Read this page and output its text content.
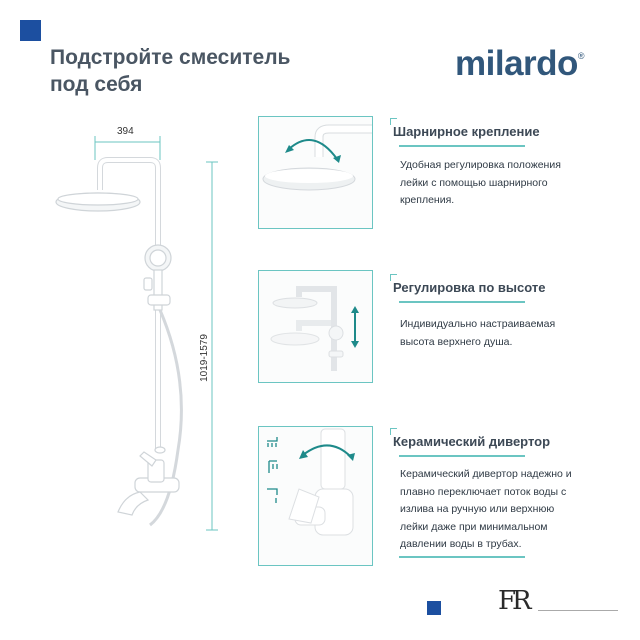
Подстройте смеситель
под себя
milardo®
394
1019-1579
Шарнирное крепление
Удобная регулировка положения
лейки с помощью шарнирного
крепления.
Регулировка по высоте
Индивидуально настраиваемая
высота верхнего душа.
Керамический дивертор
Керамический дивертор надежно и
плавно переключает поток воды с
излива на ручную или верхнюю
лейки даже при минимальном
давлении воды в трубах.
FR
